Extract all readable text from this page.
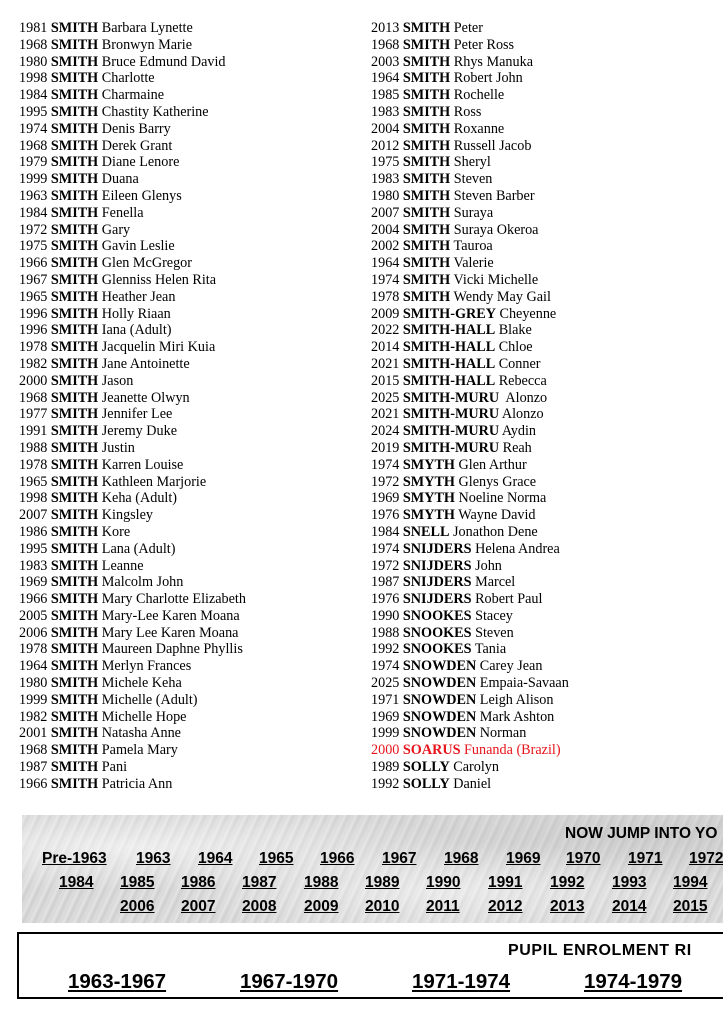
1981 SMITH Barbara Lynette
1968 SMITH Bronwyn Marie
1980 SMITH Bruce Edmund David
1998 SMITH Charlotte
1984 SMITH Charmaine
1995 SMITH Chastity Katherine
1974 SMITH Denis Barry
1968 SMITH Derek Grant
1979 SMITH Diane Lenore
1999 SMITH Duana
1963 SMITH Eileen Glenys
1984 SMITH Fenella
1972 SMITH Gary
1975 SMITH Gavin Leslie
1966 SMITH Glen McGregor
1967 SMITH Glenniss Helen Rita
1965 SMITH Heather Jean
1996 SMITH Holly Riaan
1996 SMITH Iana (Adult)
1978 SMITH Jacquelin Miri Kuia
1982 SMITH Jane Antoinette
2000 SMITH Jason
1968 SMITH Jeanette Olwyn
1977 SMITH Jennifer Lee
1991 SMITH Jeremy Duke
1988 SMITH Justin
1978 SMITH Karren Louise
1965 SMITH Kathleen Marjorie
1998 SMITH Keha (Adult)
2007 SMITH Kingsley
1986 SMITH Kore
1995 SMITH Lana (Adult)
1983 SMITH Leanne
1969 SMITH Malcolm John
1966 SMITH Mary Charlotte Elizabeth
2005 SMITH Mary-Lee Karen Moana
2006 SMITH Mary Lee Karen Moana
1978 SMITH Maureen Daphne Phyllis
1964 SMITH Merlyn Frances
1980 SMITH Michele Keha
1999 SMITH Michelle (Adult)
1982 SMITH Michelle Hope
2001 SMITH Natasha Anne
1968 SMITH Pamela Mary
1987 SMITH Pani
1966 SMITH Patricia Ann
2013 SMITH Peter
1968 SMITH Peter Ross
2003 SMITH Rhys Manuka
1964 SMITH Robert John
1985 SMITH Rochelle
1983 SMITH Ross
2004 SMITH Roxanne
2012 SMITH Russell Jacob
1975 SMITH Sheryl
1983 SMITH Steven
1980 SMITH Steven Barber
2007 SMITH Suraya
2004 SMITH Suraya Okeroa
2002 SMITH Tauroa
1964 SMITH Valerie
1974 SMITH Vicki Michelle
1978 SMITH Wendy May Gail
2009 SMITH-GREY Cheyenne
2022 SMITH-HALL Blake
2014 SMITH-HALL Chloe
2021 SMITH-HALL Conner
2015 SMITH-HALL Rebecca
2025 SMITH-MURU  Alonzo
2021 SMITH-MURU Alonzo
2024 SMITH-MURU Aydin
2019 SMITH-MURU Reah
1974 SMYTH Glen Arthur
1972 SMYTH Glenys Grace
1969 SMYTH Noeline Norma
1976 SMYTH Wayne David
1984 SNELL Jonathon Dene
1974 SNIJDERS Helena Andrea
1972 SNIJDERS John
1987 SNIJDERS Marcel
1976 SNIJDERS Robert Paul
1990 SNOOKES Stacey
1988 SNOOKES Steven
1992 SNOOKES Tania
1974 SNOWDEN Carey Jean
2025 SNOWDEN Empaia-Savaan
1971 SNOWDEN Leigh Alison
1969 SNOWDEN Mark Ashton
1999 SNOWDEN Norman
2000 SOARUS Funanda (Brazil)
1989 SOLLY Carolyn
1992 SOLLY Daniel
NOW JUMP INTO YO
Pre-1963 1963 1964 1965 1966 1967 1968 1969 1970 1971 1972
1984 1985 1986 1987 1988 1989 1990 1991 1992 1993 1994
2006 2007 2008 2009 2010 2011 2012 2013 2014 2015
PUPIL ENROLMENT RI
1963-1967	1967-1970	1971-1974	1974-1979
